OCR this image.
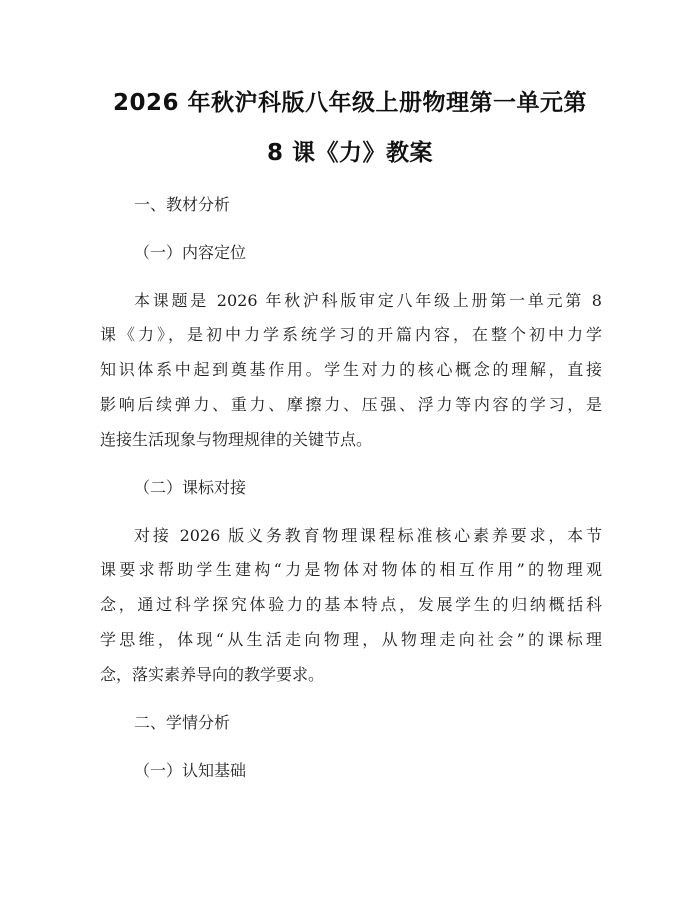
2026 年秋沪科版八年级上册物理第一单元第
8 课《力》教案
一、教材分析
（一）内容定位
本课题是 2026 年秋沪科版审定八年级上册第一单元第 8
课《力》，是初中力学系统学习的开篇内容，在整个初中力学
知识体系中起到奠基作用。学生对力的核心概念的理解，直接
影响后续弹力、重力、摩擦力、压强、浮力等内容的学习，是
连接生活现象与物理规律的关键节点。
（二）课标对接
对接 2026 版义务教育物理课程标准核心素养要求，本节
课要求帮助学生建构“力是物体对物体的相互作用”的物理观
念，通过科学探究体验力的基本特点，发展学生的归纳概括科
学思维，体现“从生活走向物理，从物理走向社会”的课标理
念，落实素养导向的教学要求。
二、学情分析
（一）认知基础
